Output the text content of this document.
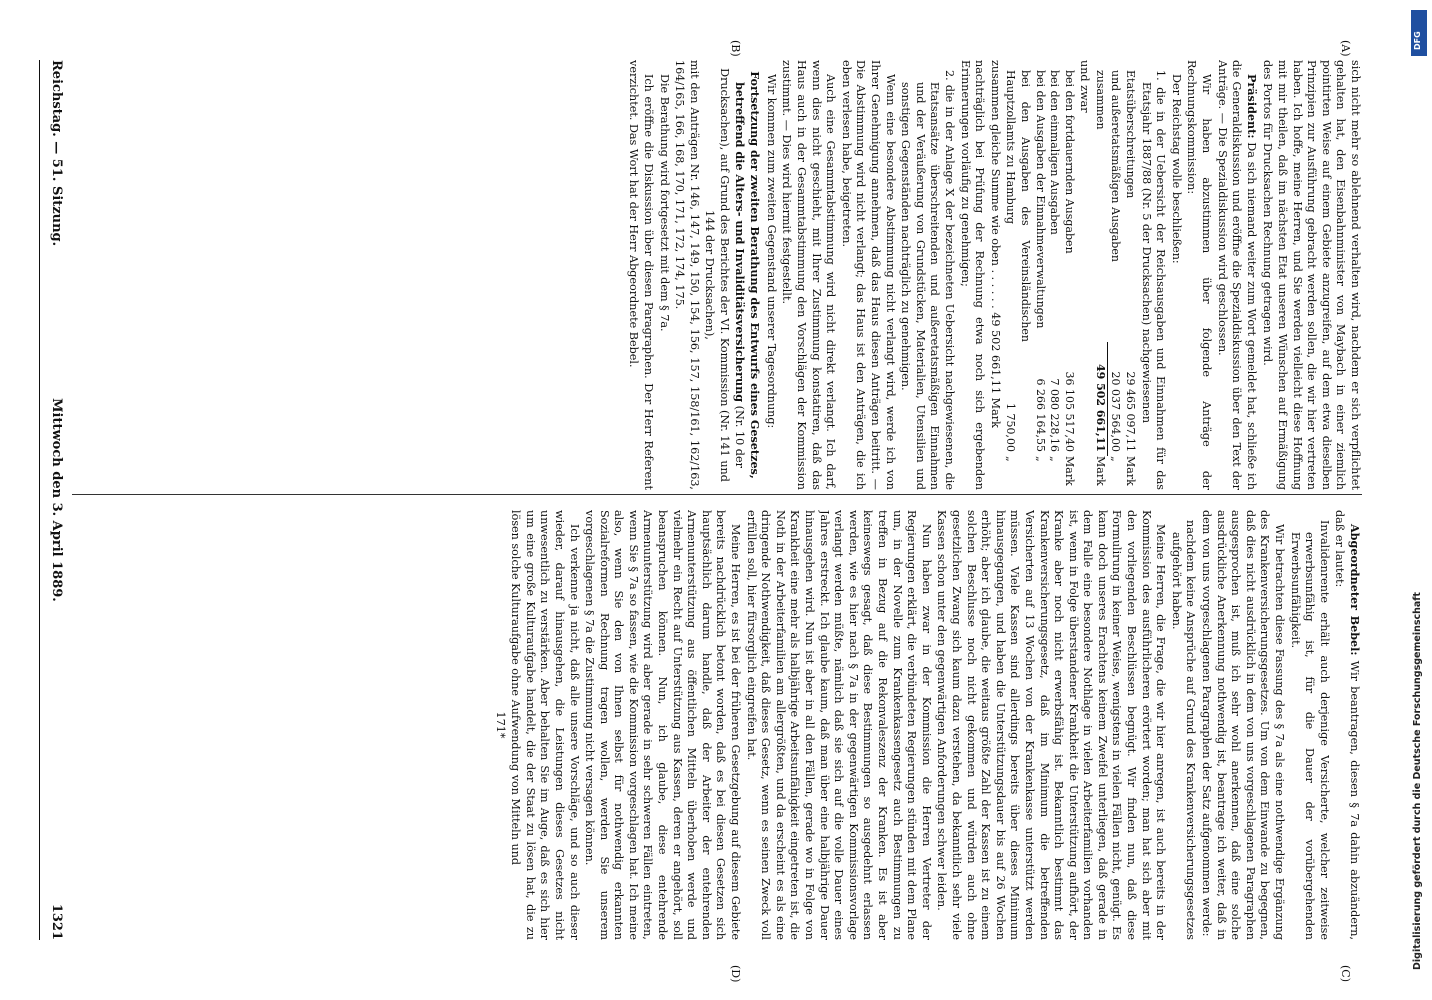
Reichstag. — 51. Sitzung.
Mittwoch den 3. April 1889.
1321
(A)
(B)
(C)
(D)

sich nicht mehr so ablehnend verhalten wird, nachdem er sich verpflichtet gehalten hat, den Eisenbahnminister von Maybach in einer ziemlich pointirten Weise auf einem Gebiete anzugreifen, auf dem etwa dieselben Prinzipien zur Ausführung gebracht werden sollen, die wir hier vertreten haben. Ich hoffe, meine Herren, und Sie werden vielleicht diese Hoffnung mit mir theilen, daß im nächsten Etat unseren Wünschen auf Ermäßigung des Portos für Drucksachen Rechnung getragen wird.

Präsident: Da sich niemand weiter zum Wort gemeldet hat, schließe ich die Generaldiskussion und eröffne die Spezialdiskussion über den Text der Anträge. — Die Spezialdiskussion wird geschlossen.

Wir haben abzustimmen über folgende Anträge der Rechnungskommission:

Der Reichstag wolle beschließen:

1. die in der Uebersicht der Reichsausgaben und Einnahmen für das Etatsjahr 1887/88 (Nr. 5 der Drucksachen) nachgewiesenen

Etatsüberschreitungen	29 465 097,11	Mark
und außeretatsmäßigen Ausgaben	20 037 564,00	„
zusammen	49 502 661,11	Mark

und zwar

bei den fortdauernden Ausgaben	36 105 517,40	Mark
bei den einmaligen Ausgaben	7 080 228,16	„
bei den Ausgaben der Einnahmeverwaltungen	6 266 164,55	„
bei den Ausgaben des Vereinsländischen Hauptzollamts zu Hamburg	1 750,00	„

zusammen gleiche Summe wie oben . . . . . . 49 502 661,11 Mark

nachträglich bei Prüfung der Rechnung etwa noch sich ergebenden Erinnerungen vorläufig zu genehmigen;

2. die in der Anlage X der bezeichneten Uebersicht nachgewiesenen, die Etatsansätze überschreitenden und außeretatsmäßigen Einnahmen und der Veräußerung von Grundstücken, Materialien, Utensilien und sonstigen Gegenständen nachträglich zu genehmigen.

Wenn eine besondere Abstimmung nicht verlangt wird, werde ich von Ihrer Genehmigung annehmen, daß das Haus diesen Anträgen beitritt. — Die Abstimmung wird nicht verlangt; das Haus ist den Anträgen, die ich eben verlesen habe, beigetreten.

Auch eine Gesammtabstimmung wird nicht direkt verlangt. Ich darf, wenn dies nicht geschieht, mit Ihrer Zustimmung konstatiren, daß das Haus auch in der Gesammtabstimmung den Vorschlägen der Kommission zustimmt. — Dies wird hiermit festgestellt.

Wir kommen zum zweiten Gegenstand unserer Tagesordnung:

Fortsetzung der zweiten Berathung des Entwurfs eines Gesetzes, betreffend die Alters- und Invaliditätsversicherung (Nr. 10 der Drucksachen), auf Grund des Berichtes der VI. Kommission (Nr. 141 und 144 der Drucksachen),

mit den Anträgen Nr. 146, 147, 149, 150, 154, 156, 157, 158/161, 162/163, 164/165, 166, 168, 170, 171, 172, 174, 175.

Die Berathung wird fortgesetzt mit dem § 7a.

Ich eröffne die Diskussion über diesen Paragraphen. Der Herr Referent verzichtet. Das Wort hat der Herr Abgeordnete Bebel.

Abgeordneter Bebel: Wir beantragen, diesen § 7a dahin abzuändern, daß er lautet:

Invalidenrente erhält auch derjenige Versicherte, welcher zeitweise erwerbsunfähig ist, für die Dauer der vorübergehenden Erwerbsunfähigkeit.

Wir betrachten diese Fassung des § 7a als eine nothwendige Ergänzung des Krankenversicherungsgesetzes. Um von dem Einwande zu begegnen, daß dies nicht ausdrücklich in dem von uns vorgeschlagenen Paragraphen ausgesprochen ist, muß ich sehr wohl anerkennen, daß eine solche ausdrückliche Anerkennung nothwendig ist, beantrage ich weiter, daß in dem von uns vorgeschlagenen Paragraphen der Satz aufgenommen werde:

nachdem keine Ansprüche auf Grund des Krankenversicherungsgesetzes aufgehört haben.

Meine Herren, die Frage, die wir hier anregen, ist auch bereits in der Kommission des ausführlicheren erörtert worden; man hat sich aber mit den vorliegenden Beschlüssen begnügt. Wir finden nun, daß diese Formulirung in keiner Weise, wenigstens in vielen Fällen nicht, genügt. Es kann doch unseres Erachtens keinem Zweifel unterliegen, daß gerade in dem Falle eine besondere Nothlage in vielen Arbeiterfamilien vorhanden ist, wenn in Folge überstandener Krankheit die Unterstützung aufhört, der Kranke aber noch nicht erwerbsfähig ist. Bekanntlich bestimmt das Krankenversicherungsgesetz, daß im Minimum die betreffenden Versicherten auf 13 Wochen von der Krankenkasse unterstützt werden müssen. Viele Kassen sind allerdings bereits über dieses Minimum hinausgegangen, und haben die Unterstützungsdauer bis auf 26 Wochen erhöht; aber ich glaube, die weitaus größte Zahl der Kassen ist zu einem solchen Beschlusse noch nicht gekommen und würden auch ohne gesetzlichen Zwang sich kaum dazu verstehen, da bekanntlich sehr viele Kassen schon unter den gegenwärtigen Anforderungen schwer leiden.

Nun haben zwar in der Kommission die Herren Vertreter der Regierungen erklärt, die verbündeten Regierungen stünden mit dem Plane um, in der Novelle zum Krankenkassengesetz auch Bestimmungen zu treffen in Bezug auf die Rekonvaleszenz der Kranken. Es ist aber keineswegs gesagt, daß diese Bestimmungen so ausgedehnt erlassen werden, wie es hier nach § 7a in der gegenwärtigen Kommissionsvorlage verlangt werden müßte, nämlich daß sie sich auf die volle Dauer eines Jahres erstreckt. Ich glaube kaum, daß man über eine halbjährige Dauer hinausgehen wird. Nun ist aber in all den Fällen, gerade wo in Folge von Krankheit eine mehr als halbjährige Arbeitsunfähigkeit eingetreten ist, die Noth in der Arbeiterfamilien am allergrößten, und da erscheint es als eine dringende Nothwendigkeit, daß dieses Gesetz, wenn es seinen Zweck voll erfüllen soll, hier fürsorglich eingreifen hat.

Meine Herren, es ist bei der früheren Gesetzgebung auf diesem Gebiete bereits nachdrücklich betont worden, daß es bei diesen Gesetzen sich hauptsächlich darum handle, daß der Arbeiter der entehrenden Armenunterstützung aus öffentlichen Mitteln überhoben werde und vielmehr ein Recht auf Unterstützung aus Kassen, deren er angehört, soll beanspruchen können. Nun, ich glaube, diese entehrende Armenunterstützung wird aber gerade in sehr schweren Fällen eintreten, wenn Sie § 7a so fassen, wie die Kommission vorgeschlagen hat. Ich meine also, wenn Sie den von Ihnen selbst für nothwendig erkannten Sozialreformen Rechnung tragen wollen, werden Sie unserem vorgeschlagenen § 7a die Zustimmung nicht versagen können.

Ich verkenne ja nicht, daß alle unsere Vorschläge, und so auch dieser wieder, darauf hinausgehen, die Leistungen dieses Gesetzes nicht unwesentlich zu verstärken. Aber behalten Sie im Auge, daß es sich hier um eine große Kulturaufgabe handelt, die der Staat zu lösen hat, die zu lösen solche Kulturaufgabe ohne Aufwendung von Mitteln und

171*

DFG
Digitalisierung gefördert durch die Deutsche Forschungsgemeinschaft
